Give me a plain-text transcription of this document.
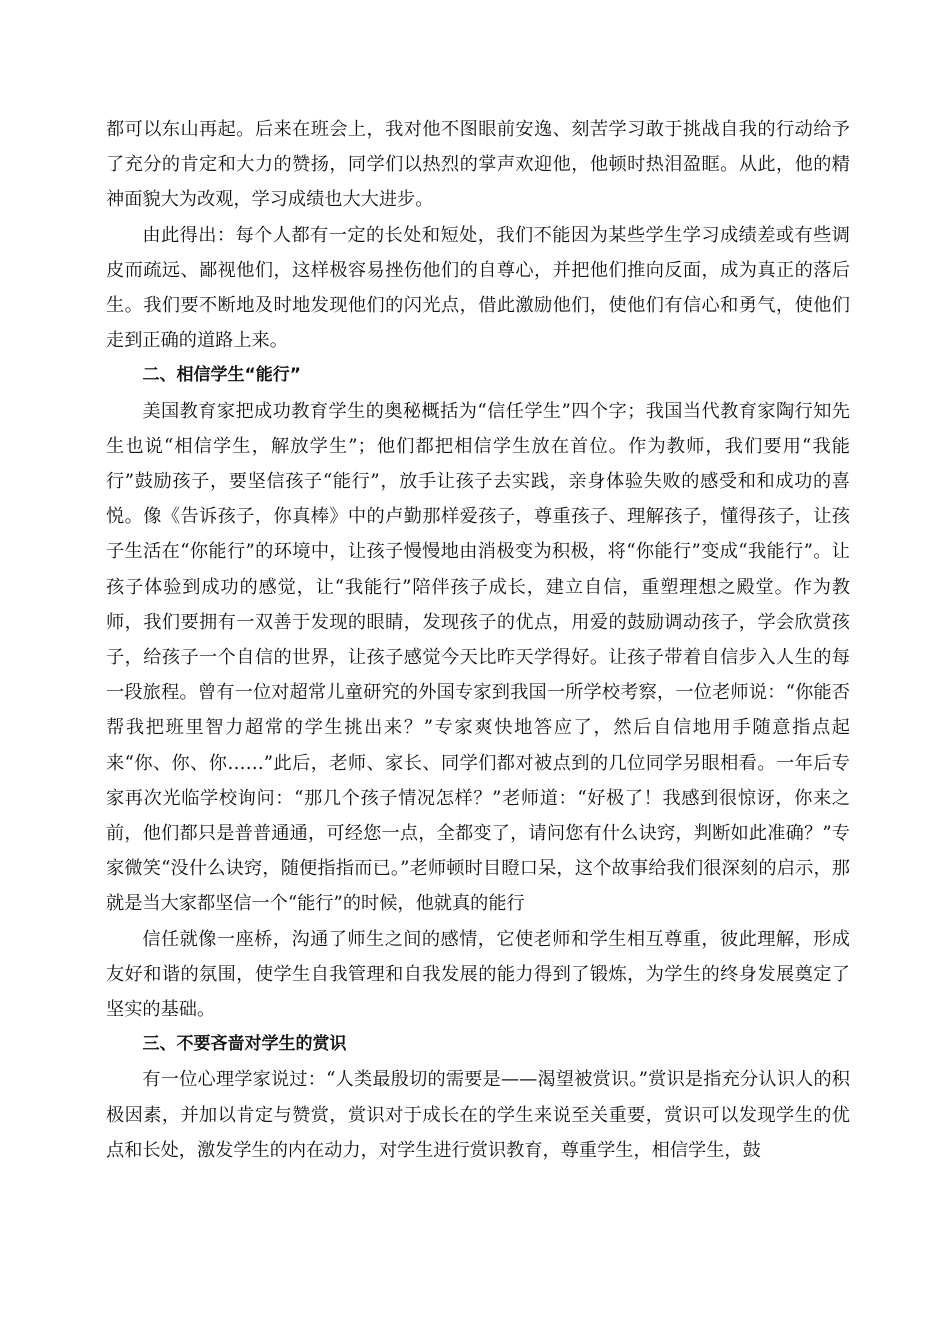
都可以东山再起。后来在班会上，我对他不图眼前安逸、刻苦学习敢于挑战自我的行动给予了充分的肯定和大力的赞扬，同学们以热烈的掌声欢迎他，他顿时热泪盈眶。从此，他的精神面貌大为改观，学习成绩也大大进步。

由此得出：每个人都有一定的长处和短处，我们不能因为某些学生学习成绩差或有些调皮而疏远、鄙视他们，这样极容易挫伤他们的自尊心，并把他们推向反面，成为真正的落后生。我们要不断地及时地发现他们的闪光点，借此激励他们，使他们有信心和勇气，使他们走到正确的道路上来。

二、相信学生“能行”

美国教育家把成功教育学生的奥秘概括为“信任学生”四个字；我国当代教育家陶行知先生也说“相信学生，解放学生”；他们都把相信学生放在首位。作为教师，我们要用“我能行”鼓励孩子，要坚信孩子“能行”，放手让孩子去实践，亲身体验失败的感受和和成功的喜悦。像《告诉孩子，你真棒》中的卢勤那样爱孩子，尊重孩子、理解孩子，懂得孩子，让孩子生活在“你能行”的环境中，让孩子慢慢地由消极变为积极，将“你能行”变成“我能行”。让孩子体验到成功的感觉，让“我能行”陪伴孩子成长，建立自信，重塑理想之殿堂。作为教师，我们要拥有一双善于发现的眼睛，发现孩子的优点，用爱的鼓励调动孩子，学会欣赏孩子，给孩子一个自信的世界，让孩子感觉今天比昨天学得好。让孩子带着自信步入人生的每一段旅程。曾有一位对超常儿童研究的外国专家到我国一所学校考察，一位老师说：“你能否帮我把班里智力超常的学生挑出来？”专家爽快地答应了，然后自信地用手随意指点起来“你、你、你……”此后，老师、家长、同学们都对被点到的几位同学另眼相看。一年后专家再次光临学校询问：“那几个孩子情况怎样？”老师道：“好极了！我感到很惊讶，你来之前，他们都只是普普通通，可经您一点，全都变了，请问您有什么诀窍，判断如此准确？”专家微笑“没什么诀窍，随便指指而已。”老师顿时目瞪口呆，这个故事给我们很深刻的启示，那就是当大家都坚信一个“能行”的时候，他就真的能行

信任就像一座桥，沟通了师生之间的感情，它使老师和学生相互尊重，彼此理解，形成友好和谐的氛围，使学生自我管理和自我发展的能力得到了锻炼，为学生的终身发展奠定了坚实的基础。

三、不要吝啬对学生的赏识

有一位心理学家说过：“人类最殷切的需要是——渴望被赏识。”赏识是指充分认识人的积极因素，并加以肯定与赞赏，赏识对于成长在的学生来说至关重要，赏识可以发现学生的优点和长处，激发学生的内在动力，对学生进行赏识教育，尊重学生，相信学生，鼓
